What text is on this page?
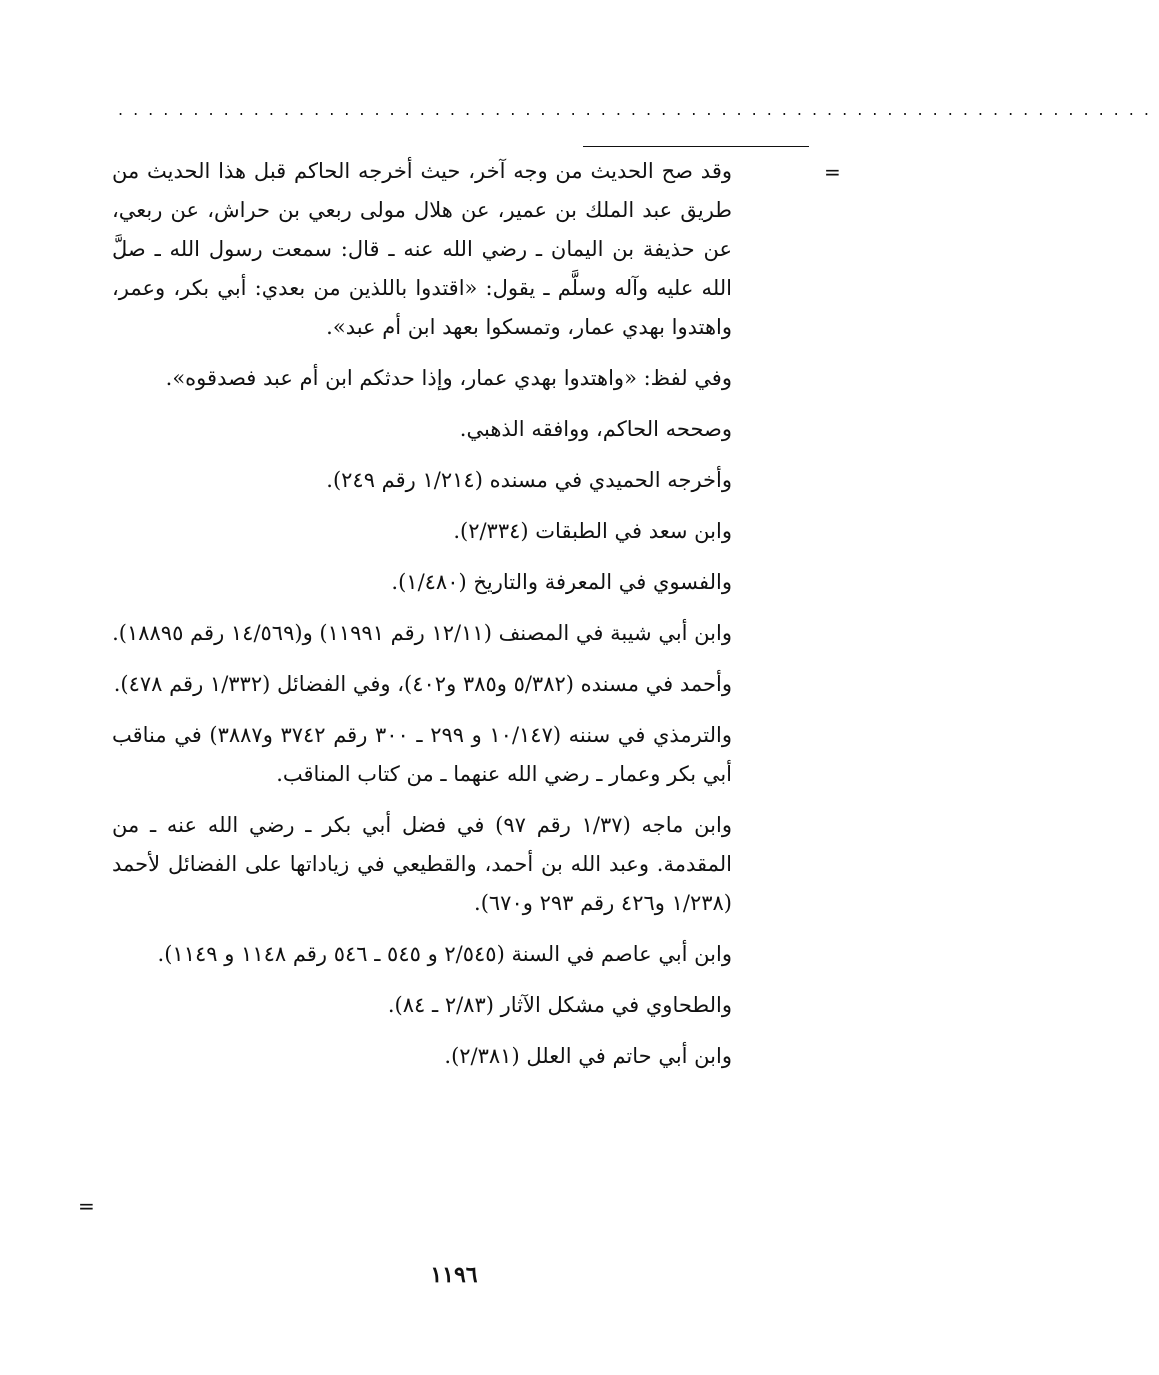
.....................................................................
=
=

وقد صح الحديث من وجه آخر، حيث أخرجه الحاكم قبل هذا الحديث من طريق عبد الملك بن عمير، عن هلال مولى ربعي بن حراش، عن ربعي، عن حذيفة بن اليمان ـ رضي الله عنه ـ قال: سمعت رسول الله ـ صلَّ الله عليه وآله وسلَّم ـ يقول: «اقتدوا باللذين من بعدي: أبي بكر، وعمر، واهتدوا بهدي عمار، وتمسكوا بعهد ابن أم عبد».

وفي لفظ: «واهتدوا بهدي عمار، وإذا حدثكم ابن أم عبد فصدقوه».

وصححه الحاكم، ووافقه الذهبي.

وأخرجه الحميدي في مسنده (١/٢١٤ رقم ٢٤٩).

وابن سعد في الطبقات (٢/٣٣٤).

والفسوي في المعرفة والتاريخ (١/٤٨٠).

وابن أبي شيبة في المصنف (١٢/١١ رقم ١١٩٩١) و(١٤/٥٦٩ رقم ١٨٨٩٥).

وأحمد في مسنده (٥/٣٨٢ و٣٨٥ و٤٠٢)، وفي الفضائل (١/٣٣٢ رقم ٤٧٨).

والترمذي في سننه (١٠/١٤٧ و ٢٩٩ ـ ٣٠٠ رقم ٣٧٤٢ و٣٨٨٧) في مناقب أبي بكر وعمار ـ رضي الله عنهما ـ من كتاب المناقب.

وابن ماجه (١/٣٧ رقم ٩٧) في فضل أبي بكر ـ رضي الله عنه ـ من المقدمة. وعبد الله بن أحمد، والقطيعي في زياداتها على الفضائل لأحمد (١/٢٣٨ و٤٢٦ رقم ٢٩٣ و٦٧٠).

وابن أبي عاصم في السنة (٢/٥٤٥ و ٥٤٥ ـ ٥٤٦ رقم ١١٤٨ و ١١٤٩).

والطحاوي في مشكل الآثار (٢/٨٣ ـ ٨٤).

وابن أبي حاتم في العلل (٢/٣٨١).

١١٩٦
